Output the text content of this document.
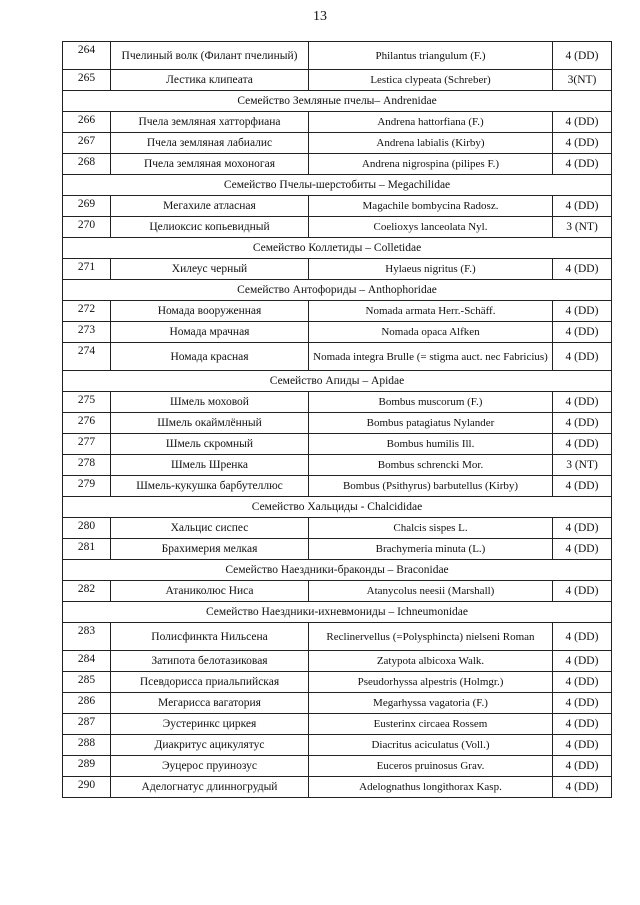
13
264	Пчелиный волк (Филант пчелиный)	Philantus triangulum (F.)	4 (DD)
265	Лестика клипеата	Lestica clypeata (Schreber)	3(NT)
Семейство Земляные пчелы– Andrenidae			
266	Пчела земляная хатторфиана	Andrena hattorfiana (F.)	4 (DD)
267	Пчела земляная лабиалис	Andrena labialis (Kirby)	4 (DD)
268	Пчела земляная мохоногая	Andrena nigrospina (pilipes F.)	4 (DD)
Семейство Пчелы-шерстобиты – Megachilidae			
269	Мегахиле атласная	Magachile bombycina Radosz.	4 (DD)
270	Целиоксис копьевидный	Coelioxys lanceolata Nyl.	3 (NT)
Семейство Коллетиды – Colletidae			
271	Хилеус черный	Hylaeus nigritus (F.)	4 (DD)
Семейство Антофориды – Anthophoridae			
272	Номада вооруженная	Nomada armata Herr.-Schäff.	4 (DD)
273	Номада мрачная	Nomada opaca Alfken	4 (DD)
274	Номада красная	Nomada integra Brulle (= stigma auct. nec Fabricius)	4 (DD)
Семейство Апиды – Apidae			
275	Шмель моховой	Bombus muscorum (F.)	4 (DD)
276	Шмель окаймлённый	Bombus patagiatus Nylander	4 (DD)
277	Шмель скромный	Bombus humilis Ill.	4 (DD)
278	Шмель Шренка	Bombus schrencki Mor.	3 (NT)
279	Шмель-кукушка барбутеллюс	Bombus (Psithyrus) barbutellus (Kirby)	4 (DD)
Семейство Хальциды - Chalcididae			
280	Хальцис сиспес	Chalcis sispes L.	4 (DD)
281	Брахимерия мелкая	Brachymeria minuta (L.)	4 (DD)
Семейство Наездники-браконды – Braconidae			
282	Атаниколюс Ниса	Atanycolus neesii (Marshall)	4 (DD)
Семейство Наездники-ихневмониды – Ichneumonidae			
283	Полисфинкта Нильсена	Reclinervellus (=Polysphincta) nielseni Roman	4 (DD)
284	Затипота белотазиковая	Zatypota albicoxa Walk.	4 (DD)
285	Псевдорисса приальпийская	Pseudorhyssa alpestris (Holmgr.)	4 (DD)
286	Мегарисса вагатория	Megarhyssa vagatoria (F.)	4 (DD)
287	Эустеринкс циркея	Eusterinx circaea Rossem	4 (DD)
288	Диакритус ацикулятус	Diacritus aciculatus (Voll.)	4 (DD)
289	Эуцерос пруинозус	Euceros pruinosus Grav.	4 (DD)
290	Аделогнатус длинногрудый	Adelognathus longithorax Kasp.	4 (DD)
